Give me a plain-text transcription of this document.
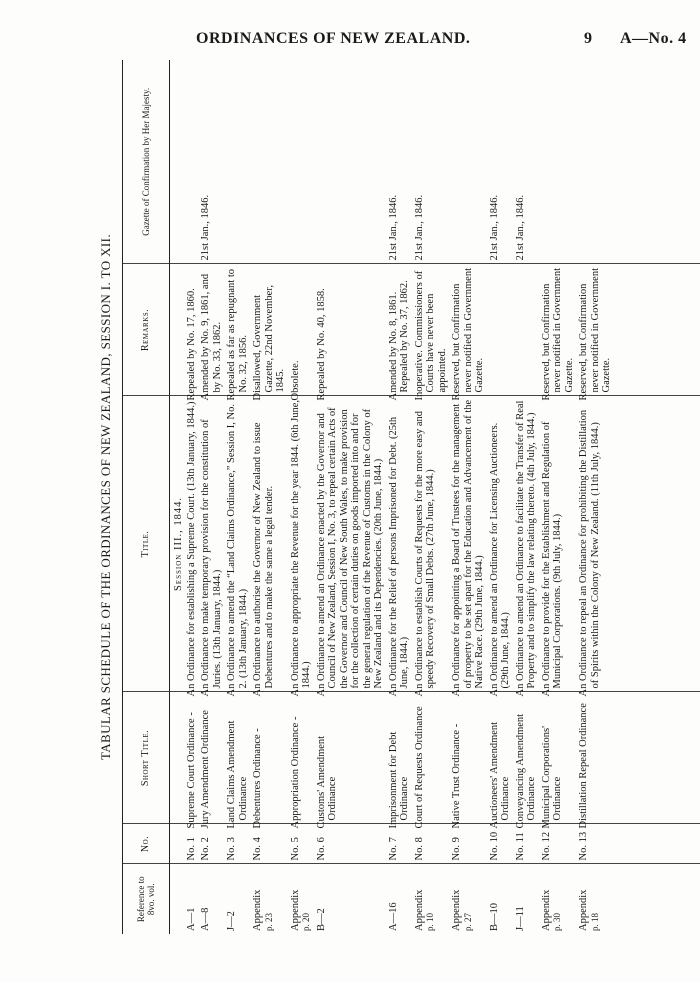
ORDINANCES OF NEW ZEALAND.	9 A—No. 4
TABULAR SCHEDULE OF THE ORDINANCES OF NEW ZEALAND, SESSION I. TO XII.
Reference to 8vo. vol.	No.	Short Title.	Title.	Remarks.	Gazette of Confirmation by Her Majesty.
			Session III., 1844.		

A—1	No. 1	Supreme Court Ordinance -	An Ordinance for establishing a Supreme Court. (13th January, 1844.)	Repealed by No. 17, 1860.	

A—8	No. 2	Jury Amendment Ordinance	An Ordinance to make temporary provision for the constitution of Juries. (13th January, 1844.)	Amended by No. 9, 1861, and by No. 33, 1862.	21st Jan., 1846.

J—2	No. 3	Land Claims Amendment Ordinance	An Ordinance to amend the “Land Claims Ordinance,” Session I, No. 2. (13th January, 1844.)	Repealed as far as repugnant to No. 32, 1856.	

Appendix p. 23	No. 4	Debentures Ordinance -	An Ordinance to authorise the Governor of New Zealand to issue Debentures and to make the same a legal tender.	Disallowed, Government Gazette, 22nd November, 1845.	

Appendix p. 20	No. 5	Appropriation Ordinance -	An Ordinance to appropriate the Revenue for the year 1844. (6th June, 1844.)	Obsolete.	

B—2	No. 6	Customs' Amendment Ordinance	An Ordinance to amend an Ordinance enacted by the Governor and Council of New Zealand, Session I, No. 3, to repeal certain Acts of the Governor and Council of New South Wales, to make provision for the collection of certain duties on goods imported into and for the general regulation of the Revenue of Customs in the Colony of New Zealand and its Dependencies. (20th June, 1844.)	Repealed by No. 40, 1858.	

A—16	No. 7	Imprisonment for Debt Ordinance	An Ordinance for the Relief of persons Imprisoned for Debt. (25th June, 1844.)	Amended by No. 8, 1861. Repealed by No. 37, 1862.	21st Jan., 1846.

Appendix p. 10	No. 8	Court of Requests Ordinance	An Ordinance to establish Courts of Requests for the more easy and speedy Recovery of Small Debts. (27th June, 1844.)	Inoperative. Commissioners of Courts have never been appointed.	21st Jan., 1846.

Appendix p. 27	No. 9	Native Trust Ordinance -	An Ordinance for appointing a Board of Trustees for the management of property to be set apart for the Education and Advancement of the Native Race. (29th June, 1844.)	Reserved, but Confirmation never notified in Government Gazette.	

B—10	No. 10	Auctioneers' Amendment Ordinance	An Ordinance to amend an Ordinance for Licensing Auctioneers. (29th June, 1844.)		21st Jan., 1846.

J—11	No. 11	Conveyancing Amendment Ordinance	An Ordinance to amend an Ordinance to facilitate the Transfer of Real Property and to simplify the law relating thereto. (4th July, 1844.)		21st Jan., 1846.

Appendix p. 30	No. 12	Municipal Corporations' Ordinance	An Ordinance to provide for the Establishment and Regulation of Municipal Corporations. (9th July, 1844.)	Reserved, but Confirmation never notified in Government Gazette.	

Appendix p. 18	No. 13	Distillation Repeal Ordinance	An Ordinance to repeal an Ordinance for prohibiting the Distillation of Spirits within the Colony of New Zealand. (11th July, 1844.)	Reserved, but Confirmation never notified in Government Gazette.	
